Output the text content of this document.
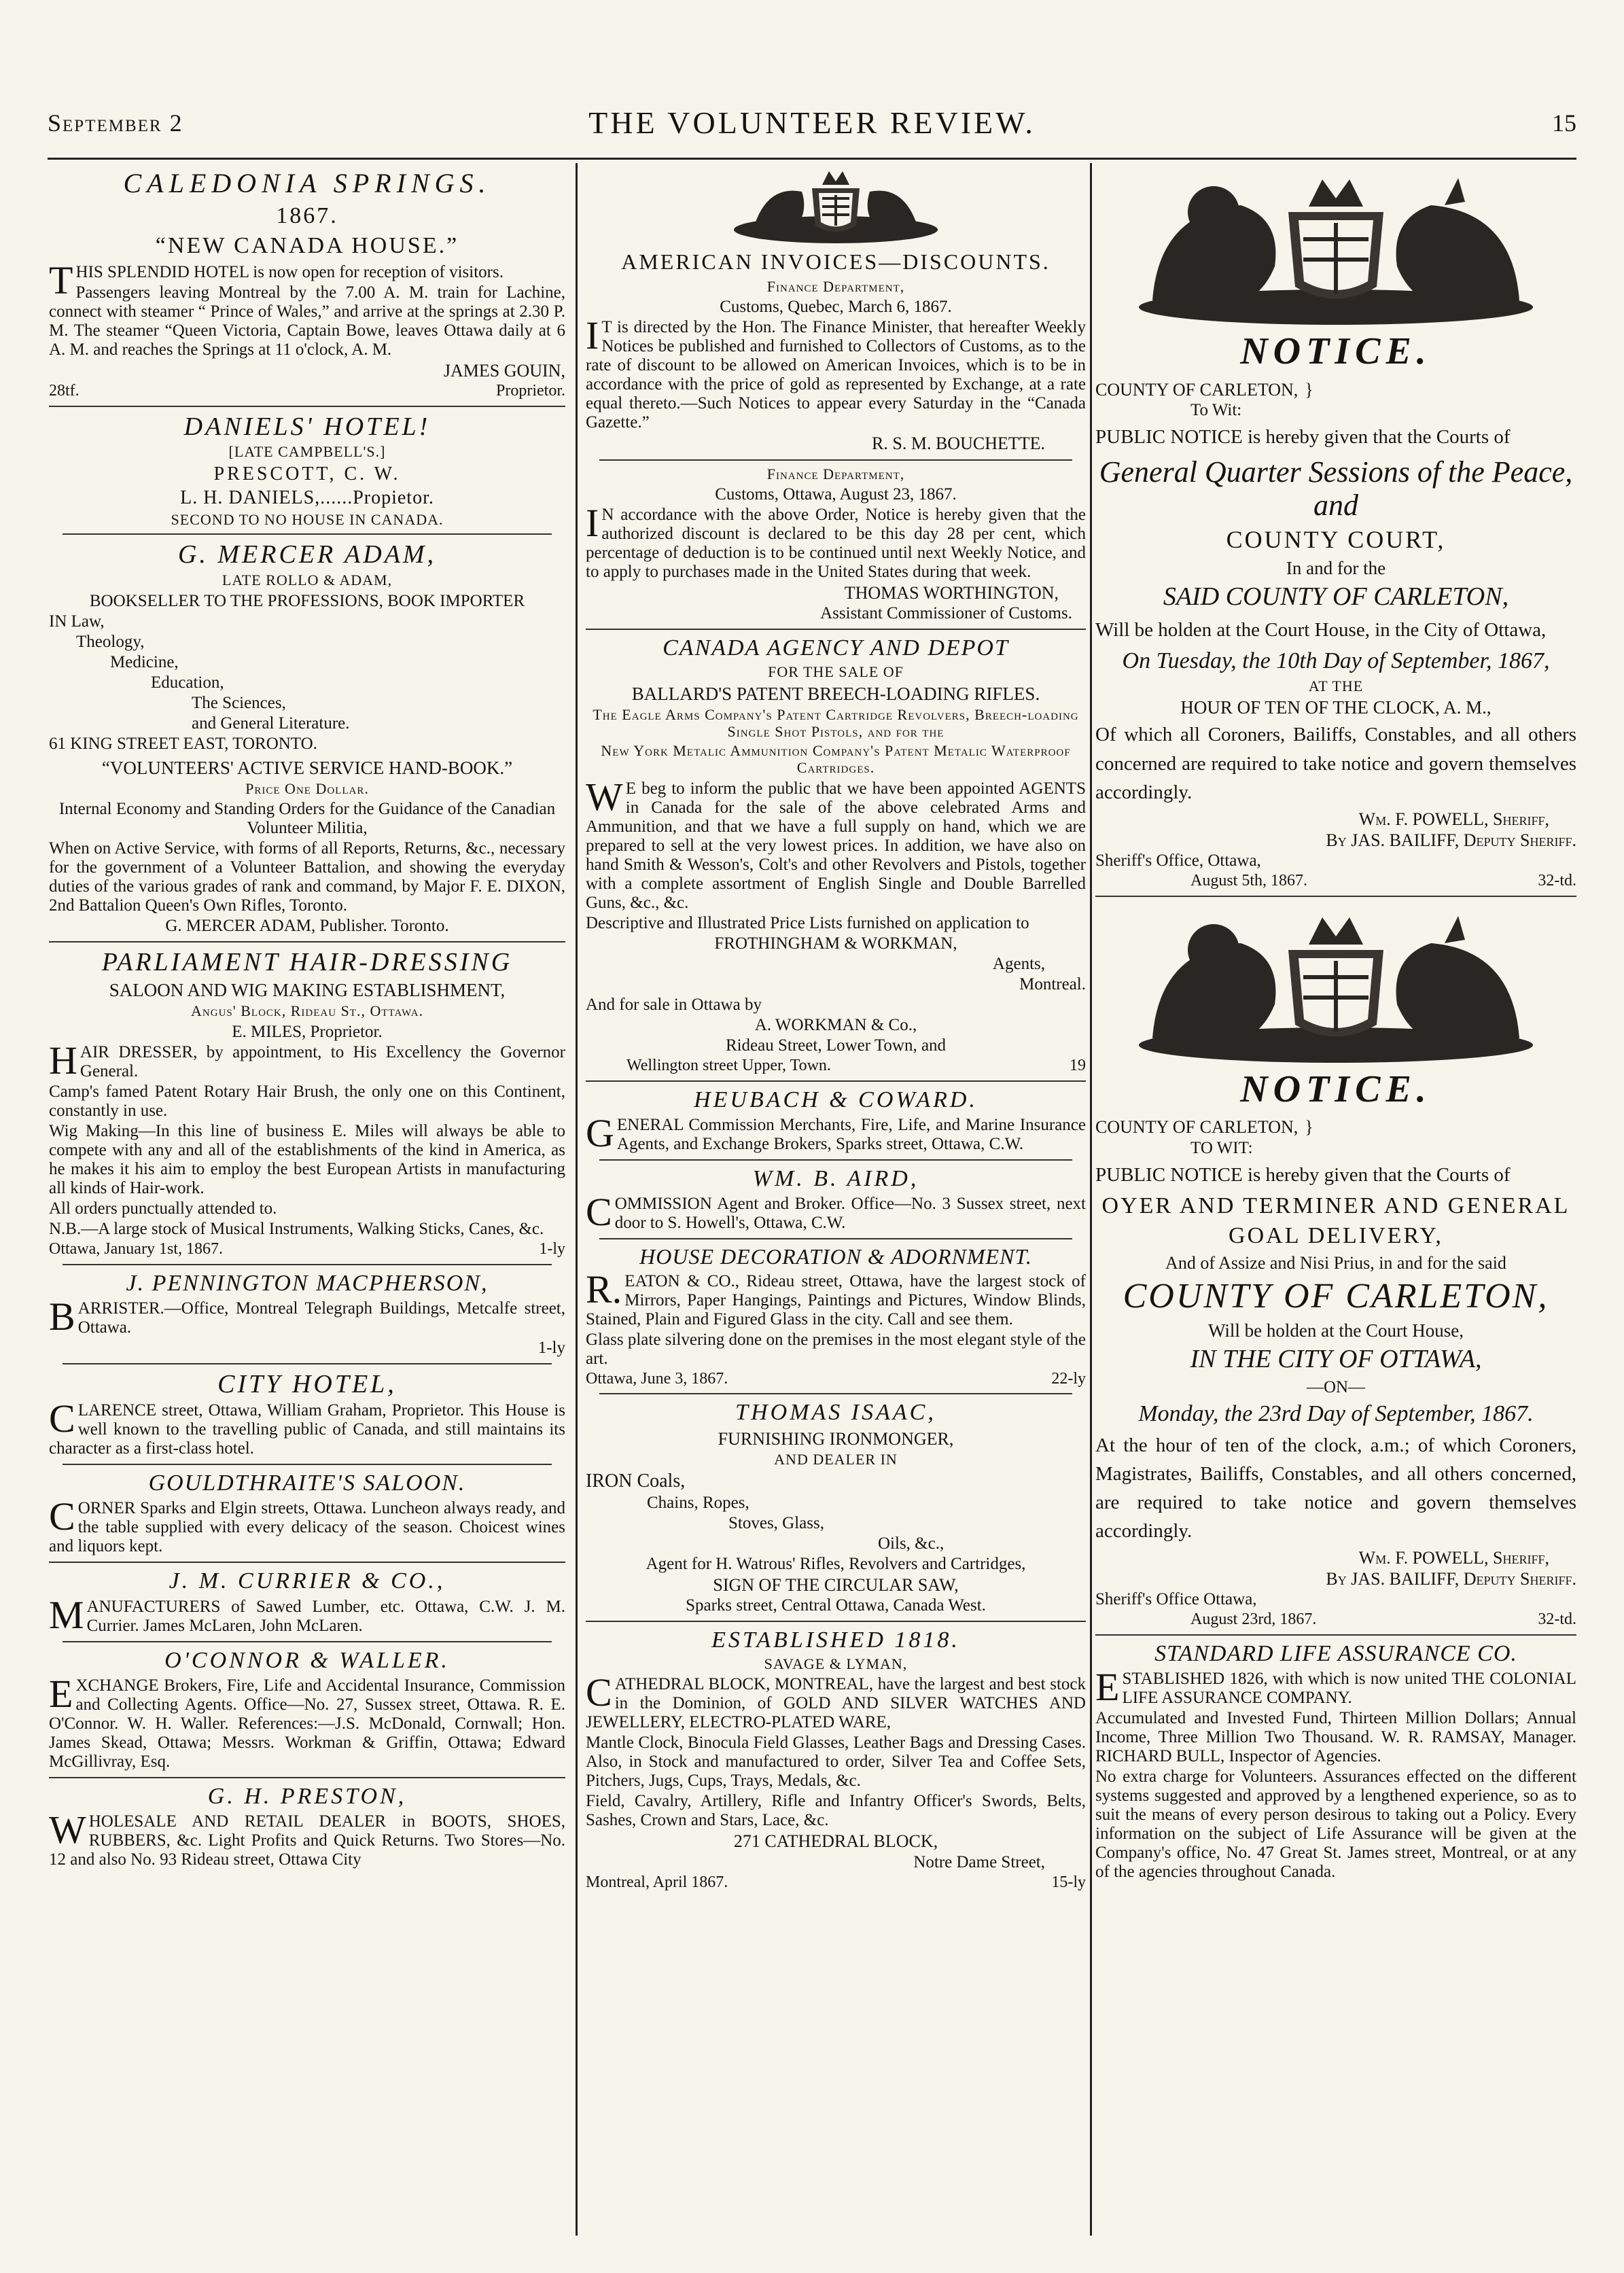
September 2	THE VOLUNTEER REVIEW.	15
CALEDONIA SPRINGS.
1867.
“NEW CANADA HOUSE.”

THIS SPLENDID HOTEL is now open for reception of visitors.

Passengers leaving Montreal by the 7.00 A. M. train for Lachine, connect with steamer “ Prince of Wales,” and arrive at the springs at 2.30 P. M. The steamer “Queen Victoria, Captain Bowe, leaves Ottawa daily at 6 A. M. and reaches the Springs at 11 o'clock, A. M.

JAMES GOUIN,
28tf.	Proprietor.
DANIELS' HOTEL!
[LATE CAMPBELL'S.]
PRESCOTT, C. W.
L. H. DANIELS,......Propietor.
SECOND TO NO HOUSE IN CANADA.
G. MERCER ADAM,
LATE ROLLO & ADAM,
BOOKSELLER TO THE PROFESSIONS, BOOK IMPORTER
IN Law,
Theology,
Medicine,
Education,
The Sciences,
and General Literature.
61 KING STREET EAST, TORONTO.
“VOLUNTEERS' ACTIVE SERVICE HAND-BOOK.”
Price One Dollar.
Internal Economy and Standing Orders for the Guidance of the Canadian Volunteer Militia,

When on Active Service, with forms of all Reports, Returns, &c., necessary for the government of a Volunteer Battalion, and showing the everyday duties of the various grades of rank and command, by Major F. E. DIXON, 2nd Battalion Queen's Own Rifles, Toronto.

G. MERCER ADAM, Publisher. Toronto.
PARLIAMENT HAIR-DRESSING
SALOON AND WIG MAKING ESTABLISHMENT,
Angus' Block, Rideau St., Ottawa.
E. MILES, Proprietor.

HAIR DRESSER, by appointment, to His Excellency the Governor General.

Camp's famed Patent Rotary Hair Brush, the only one on this Continent, constantly in use.

Wig Making—In this line of business E. Miles will always be able to compete with any and all of the establishments of the kind in America, as he makes it his aim to employ the best European Artists in manufacturing all kinds of Hair-work.

All orders punctually attended to.

N.B.—A large stock of Musical Instruments, Walking Sticks, Canes, &c.

Ottawa, January 1st, 1867.	1-ly
J. PENNINGTON MACPHERSON,

BARRISTER.—Office, Montreal Telegraph Buildings, Metcalfe street, Ottawa.

1-ly
CITY HOTEL,

CLARENCE street, Ottawa, William Graham, Proprietor. This House is well known to the travelling public of Canada, and still maintains its character as a first-class hotel.

GOULDTHRAITE'S SALOON.

CORNER Sparks and Elgin streets, Ottawa. Luncheon always ready, and the table supplied with every delicacy of the season. Choicest wines and liquors kept.

J. M. CURRIER & CO.,

MANUFACTURERS of Sawed Lumber, etc. Ottawa, C.W. J. M. Currier. James McLaren, John McLaren.

O'CONNOR & WALLER.

EXCHANGE Brokers, Fire, Life and Accidental Insurance, Commission and Collecting Agents. Office—No. 27, Sussex street, Ottawa. R. E. O'Connor. W. H. Waller. References:—J.S. McDonald, Cornwall; Hon. James Skead, Ottawa; Messrs. Workman & Griffin, Ottawa; Edward McGillivray, Esq.

G. H. PRESTON,

WHOLESALE AND RETAIL DEALER in BOOTS, SHOES, RUBBERS, &c. Light Profits and Quick Returns. Two Stores—No. 12 and also No. 93 Rideau street, Ottawa City

AMERICAN INVOICES—DISCOUNTS.
Finance Department,
Customs, Quebec, March 6, 1867.

IT is directed by the Hon. The Finance Minister, that hereafter Weekly Notices be published and furnished to Collectors of Customs, as to the rate of discount to be allowed on American Invoices, which is to be in accordance with the price of gold as represented by Exchange, at a rate equal thereto.—Such Notices to appear every Saturday in the “Canada Gazette.”

R. S. M. BOUCHETTE.
Finance Department,
Customs, Ottawa, August 23, 1867.

IN accordance with the above Order, Notice is hereby given that the authorized discount is declared to be this day 28 per cent, which percentage of deduction is to be continued until next Weekly Notice, and to apply to purchases made in the United States during that week.

THOMAS WORTHINGTON,
Assistant Commissioner of Customs.
CANADA AGENCY AND DEPOT
FOR THE SALE OF
BALLARD'S PATENT BREECH-LOADING RIFLES.
The Eagle Arms Company's Patent Cartridge Revolvers, Breech-loading Single Shot Pistols, and for the
New York Metalic Ammunition Company's Patent Metalic Waterproof Cartridges.

WE beg to inform the public that we have been appointed AGENTS in Canada for the sale of the above celebrated Arms and Ammunition, and that we have a full supply on hand, which we are prepared to sell at the very lowest prices. In addition, we have also on hand Smith & Wesson's, Colt's and other Revolvers and Pistols, together with a complete assortment of English Single and Double Barrelled Guns, &c., &c.

Descriptive and Illustrated Price Lists furnished on application to

FROTHINGHAM & WORKMAN,
Agents,
Montreal.
And for sale in Ottawa by
A. WORKMAN & Co.,
Rideau Street, Lower Town, and
Wellington street Upper, Town.	19
HEUBACH & COWARD.

GENERAL Commission Merchants, Fire, Life, and Marine Insurance Agents, and Exchange Brokers, Sparks street, Ottawa, C.W.

WM. B. AIRD,

COMMISSION Agent and Broker. Office—No. 3 Sussex street, next door to S. Howell's, Ottawa, C.W.

HOUSE DECORATION & ADORNMENT.

R.EATON & CO., Rideau street, Ottawa, have the largest stock of Mirrors, Paper Hangings, Paintings and Pictures, Window Blinds, Stained, Plain and Figured Glass in the city. Call and see them.

Glass plate silvering done on the premises in the most elegant style of the art.

Ottawa, June 3, 1867.	22-ly
THOMAS ISAAC,
FURNISHING IRONMONGER,
AND DEALER IN
IRON Coals,
Chains, Ropes,
Stoves, Glass,
Oils, &c.,
Agent for H. Watrous' Rifles, Revolvers and Cartridges,
SIGN OF THE CIRCULAR SAW,
Sparks street, Central Ottawa, Canada West.
ESTABLISHED 1818.
SAVAGE & LYMAN,

CATHEDRAL BLOCK, MONTREAL, have the largest and best stock in the Dominion, of GOLD AND SILVER WATCHES AND JEWELLERY, ELECTRO-PLATED WARE,

Mantle Clock, Binocula Field Glasses, Leather Bags and Dressing Cases. Also, in Stock and manufactured to order, Silver Tea and Coffee Sets, Pitchers, Jugs, Cups, Trays, Medals, &c.

Field, Cavalry, Artillery, Rifle and Infantry Officer's Swords, Belts, Sashes, Crown and Stars, Lace, &c.

271 CATHEDRAL BLOCK,
Notre Dame Street,
Montreal, April 1867.	15-ly
NOTICE.
COUNTY OF CARLETON, }
To Wit:

PUBLIC NOTICE is hereby given that the Courts of

General Quarter Sessions of the Peace, and
COUNTY COURT,
In and for the
SAID COUNTY OF CARLETON,

Will be holden at the Court House, in the City of Ottawa,

On Tuesday, the 10th Day of September, 1867,
AT THE
HOUR OF TEN OF THE CLOCK, A. M.,

Of which all Coroners, Bailiffs, Constables, and all others concerned are required to take notice and govern themselves accordingly.

Wm. F. POWELL, Sheriff,
By JAS. BAILIFF, Deputy Sheriff.
Sheriff's Office, Ottawa,
August 5th, 1867.	32-td.
NOTICE.
COUNTY OF CARLETON, }
TO WIT:

PUBLIC NOTICE is hereby given that the Courts of

OYER AND TERMINER AND GENERAL
GOAL DELIVERY,
And of Assize and Nisi Prius, in and for the said
COUNTY OF CARLETON,
Will be holden at the Court House,
IN THE CITY OF OTTAWA,
—ON—
Monday, the 23rd Day of September, 1867.

At the hour of ten of the clock, a.m.; of which Coroners, Magistrates, Bailiffs, Constables, and all others concerned, are required to take notice and govern themselves accordingly.

Wm. F. POWELL, Sheriff,
By JAS. BAILIFF, Deputy Sheriff.
Sheriff's Office Ottawa,
August 23rd, 1867.	32-td.
STANDARD LIFE ASSURANCE CO.

ESTABLISHED 1826, with which is now united THE COLONIAL LIFE ASSURANCE COMPANY.

Accumulated and Invested Fund, Thirteen Million Dollars; Annual Income, Three Million Two Thousand. W. R. RAMSAY, Manager. RICHARD BULL, Inspector of Agencies.

No extra charge for Volunteers. Assurances effected on the different systems suggested and approved by a lengthened experience, so as to suit the means of every person desirous to taking out a Policy. Every information on the subject of Life Assurance will be given at the Company's office, No. 47 Great St. James street, Montreal, or at any of the agencies throughout Canada.
